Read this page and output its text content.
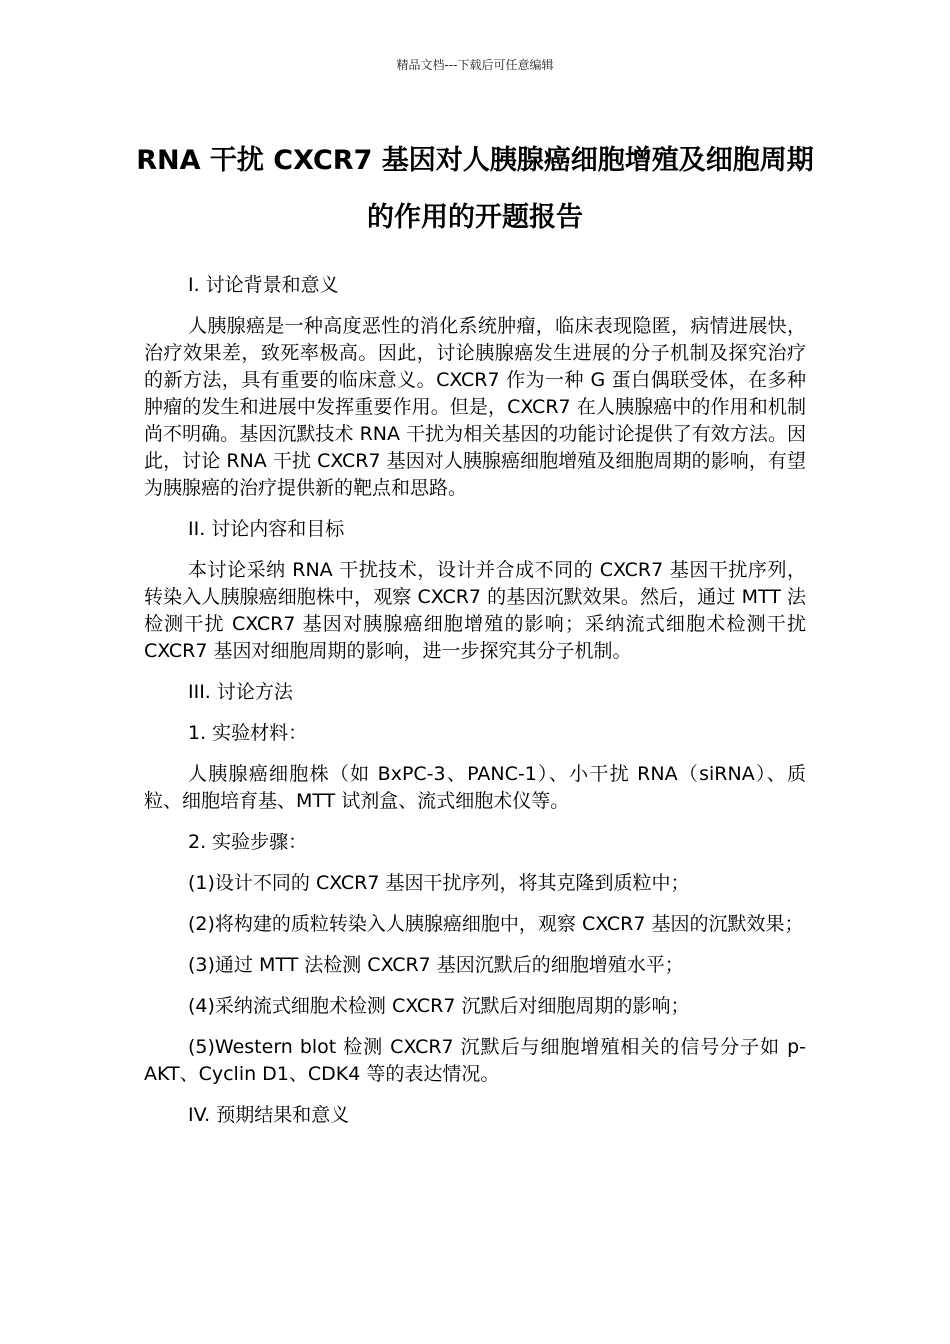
精品文档---下载后可任意编辑
RNA 干扰 CXCR7 基因对人胰腺癌细胞增殖及细胞周期的作用的开题报告

I. 讨论背景和意义

人胰腺癌是一种高度恶性的消化系统肿瘤，临床表现隐匿，病情进展快，治疗效果差，致死率极高。因此，讨论胰腺癌发生进展的分子机制及探究治疗的新方法，具有重要的临床意义。CXCR7 作为一种 G 蛋白偶联受体，在多种肿瘤的发生和进展中发挥重要作用。但是，CXCR7 在人胰腺癌中的作用和机制尚不明确。基因沉默技术 RNA 干扰为相关基因的功能讨论提供了有效方法。因此，讨论 RNA 干扰 CXCR7 基因对人胰腺癌细胞增殖及细胞周期的影响，有望为胰腺癌的治疗提供新的靶点和思路。

II. 讨论内容和目标

本讨论采纳 RNA 干扰技术，设计并合成不同的 CXCR7 基因干扰序列，转染入人胰腺癌细胞株中，观察 CXCR7 的基因沉默效果。然后，通过 MTT 法检测干扰 CXCR7 基因对胰腺癌细胞增殖的影响；采纳流式细胞术检测干扰 CXCR7 基因对细胞周期的影响，进一步探究其分子机制。

III. 讨论方法

1. 实验材料：

人胰腺癌细胞株（如 BxPC-3、PANC-1）、小干扰 RNA（siRNA）、质粒、细胞培育基、MTT 试剂盒、流式细胞术仪等。

2. 实验步骤：

(1)设计不同的 CXCR7 基因干扰序列，将其克隆到质粒中；

(2)将构建的质粒转染入人胰腺癌细胞中，观察 CXCR7 基因的沉默效果；

(3)通过 MTT 法检测 CXCR7 基因沉默后的细胞增殖水平；

(4)采纳流式细胞术检测 CXCR7 沉默后对细胞周期的影响；

(5)Western blot 检测 CXCR7 沉默后与细胞增殖相关的信号分子如 p-AKT、Cyclin D1、CDK4 等的表达情况。

IV. 预期结果和意义
